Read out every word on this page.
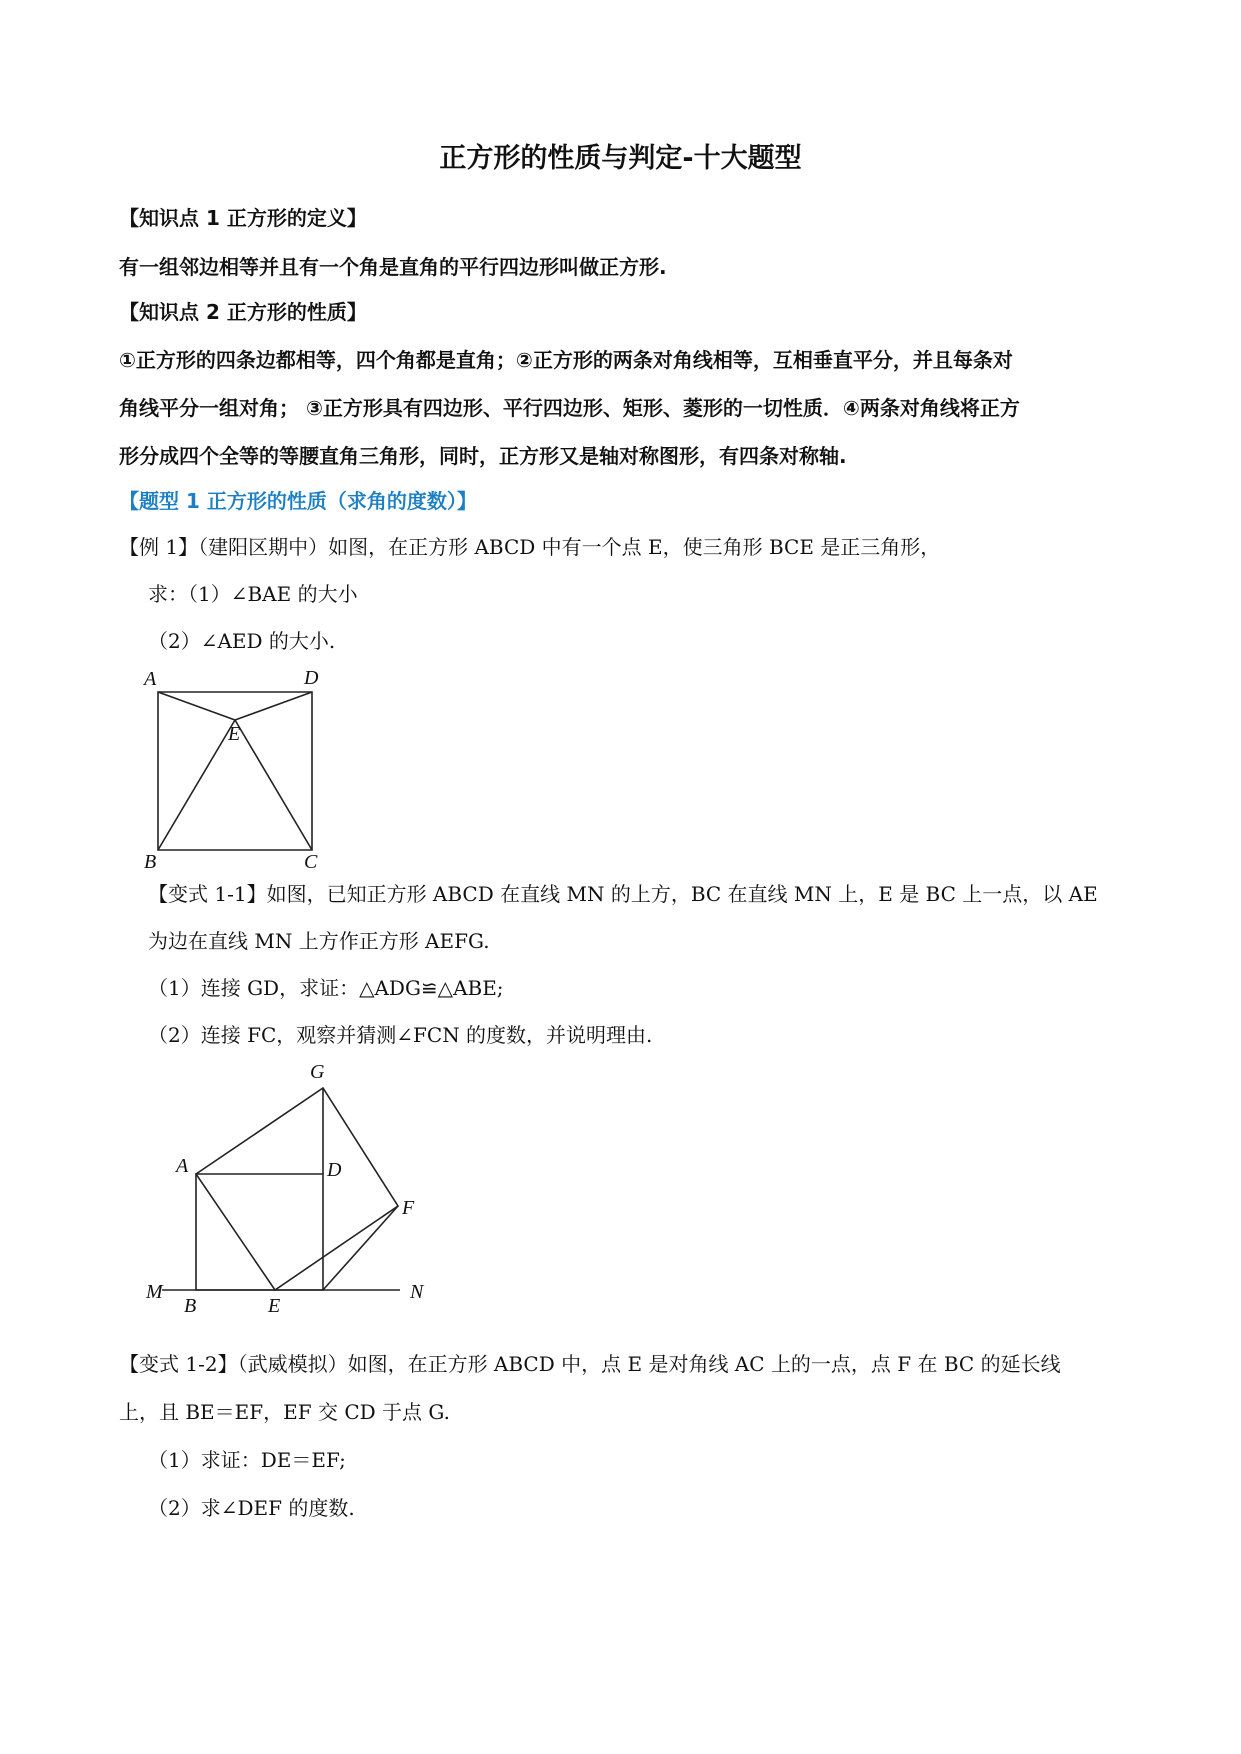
正方形的性质与判定-十大题型
【知识点 1 正方形的定义】
有一组邻边相等并且有一个角是直角的平行四边形叫做正方形.
【知识点 2 正方形的性质】
①正方形的四条边都相等，四个角都是直角；②正方形的两条对角线相等，互相垂直平分，并且每条对
角线平分一组对角； ③正方形具有四边形、平行四边形、矩形、菱形的一切性质．④两条对角线将正方
形分成四个全等的等腰直角三角形，同时，正方形又是轴对称图形，有四条对称轴.
【题型 1 正方形的性质（求角的度数）】
【例 1】（建阳区期中）如图，在正方形 ABCD 中有一个点 E，使三角形 BCE 是正三角形，
求：（1）∠BAE 的大小
（2）∠AED 的大小.
A	D
E
B	C
【变式 1-1】如图，已知正方形 ABCD 在直线 MN 的上方，BC 在直线 MN 上，E 是 BC 上一点，以 AE
为边在直线 MN 上方作正方形 AEFG.
（1）连接 GD，求证：△ADG≌△ABE;
（2）连接 FC，观察并猜测∠FCN 的度数，并说明理由.
G
A	D
F
M
B	E
N
【变式 1-2】（武威模拟）如图，在正方形 ABCD 中，点 E 是对角线 AC 上的一点，点 F 在 BC 的延长线
上，且 BE＝EF，EF 交 CD 于点 G.
（1）求证：DE＝EF;
（2）求∠DEF 的度数.
